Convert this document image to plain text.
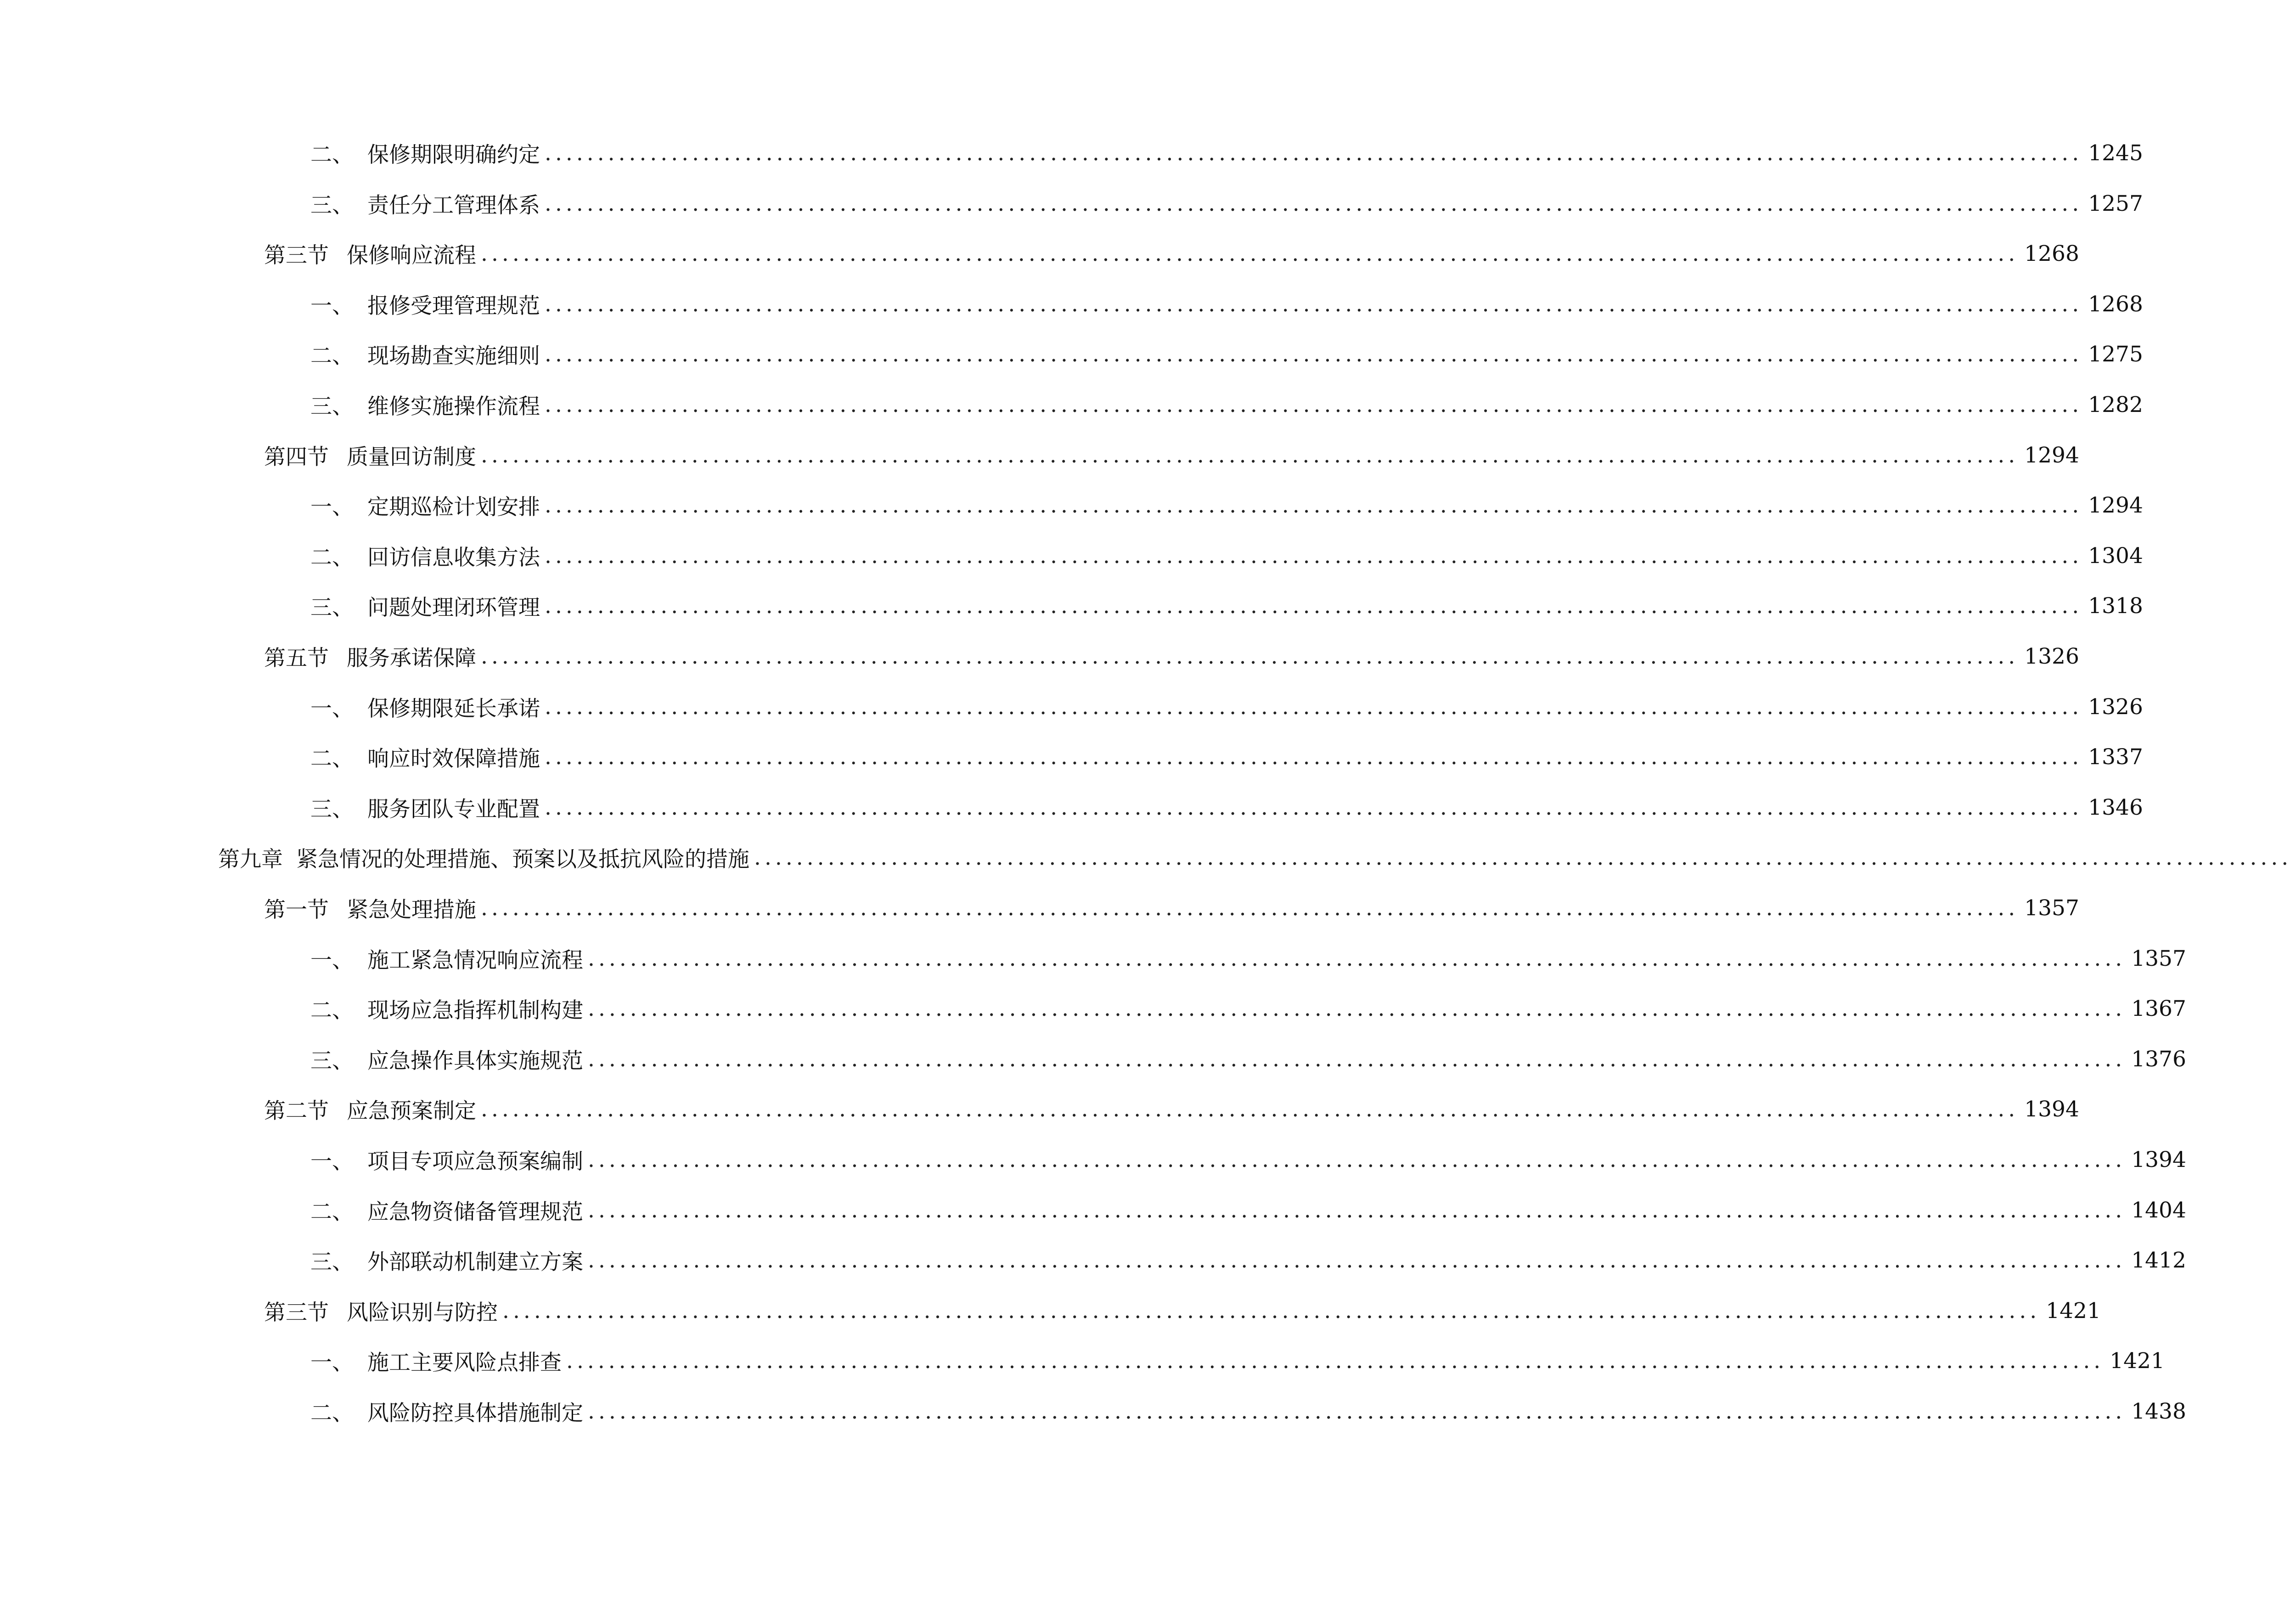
二、 保修期限明确约定 .................................................................................................................................................. 1245
三、 责任分工管理体系 .................................................................................................................................................. 1257
第三节 保修响应流程 .................................................................................................................................................. 1268
一、 报修受理管理规范 .................................................................................................................................................. 1268
二、 现场勘查实施细则 .................................................................................................................................................. 1275
三、 维修实施操作流程 .................................................................................................................................................. 1282
第四节 质量回访制度 .................................................................................................................................................. 1294
一、 定期巡检计划安排 .................................................................................................................................................. 1294
二、 回访信息收集方法 .................................................................................................................................................. 1304
三、 问题处理闭环管理 .................................................................................................................................................. 1318
第五节 服务承诺保障 .................................................................................................................................................. 1326
一、 保修期限延长承诺 .................................................................................................................................................. 1326
二、 响应时效保障措施 .................................................................................................................................................. 1337
三、 服务团队专业配置 .................................................................................................................................................. 1346
第九章 紧急情况的处理措施、预案以及抵抗风险的措施 ..................................................................................................................................................
第一节 紧急处理措施 .................................................................................................................................................. 1357
一、 施工紧急情况响应流程 .................................................................................................................................................. 1357
二、 现场应急指挥机制构建 .................................................................................................................................................. 1367
三、 应急操作具体实施规范 .................................................................................................................................................. 1376
第二节 应急预案制定 .................................................................................................................................................. 1394
一、 项目专项应急预案编制 .................................................................................................................................................. 1394
二、 应急物资储备管理规范 .................................................................................................................................................. 1404
三、 外部联动机制建立方案 .................................................................................................................................................. 1412
第三节 风险识别与防控 .................................................................................................................................................. 1421
一、 施工主要风险点排查 .................................................................................................................................................. 1421
二、 风险防控具体措施制定 .................................................................................................................................................. 1438
